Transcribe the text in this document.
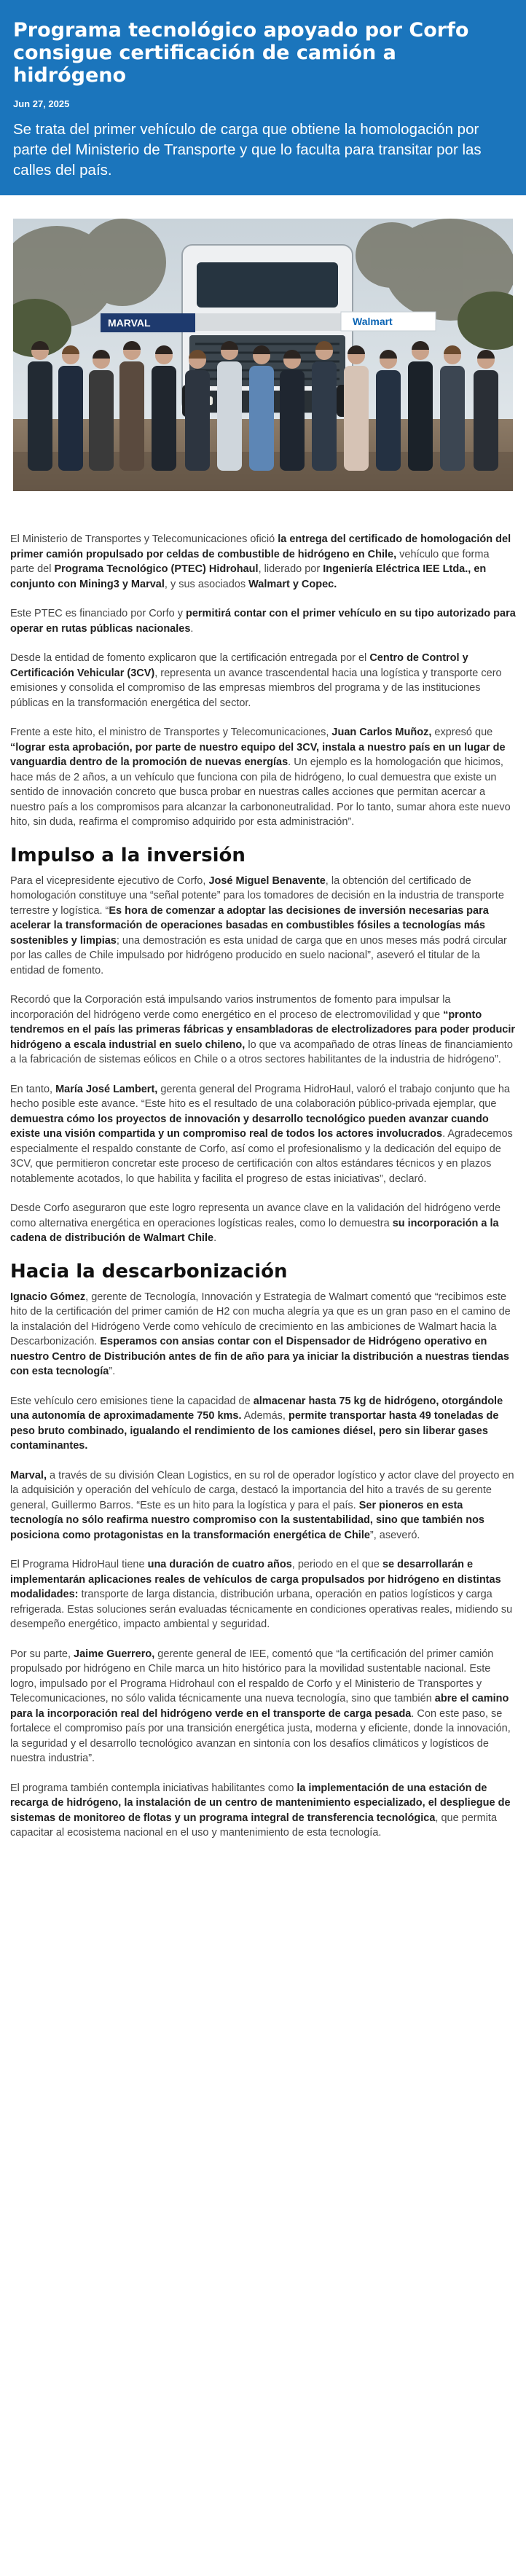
Programa tecnológico apoyado por Corfo consigue certificación de camión a hidrógeno
Jun 27, 2025

Se trata del primer vehículo de carga que obtiene la homologación por parte del Ministerio de Transporte y que lo faculta para transitar por las calles del país.

MARVAL	Walmart

El Ministerio de Transportes y Telecomunicaciones ofició la entrega del certificado de homologación del primer camión propulsado por celdas de combustible de hidrógeno en Chile, vehículo que forma parte del Programa Tecnológico (PTEC) Hidrohaul, liderado por Ingeniería Eléctrica IEE Ltda., en conjunto con Mining3 y Marval, y sus asociados Walmart y Copec.

Este PTEC es financiado por Corfo y permitirá contar con el primer vehículo en su tipo autorizado para operar en rutas públicas nacionales.

Desde la entidad de fomento explicaron que la certificación entregada por el Centro de Control y Certificación Vehicular (3CV), representa un avance trascendental hacia una logística y transporte cero emisiones y consolida el compromiso de las empresas miembros del programa y de las instituciones públicas en la transformación energética del sector.

Frente a este hito, el ministro de Transportes y Telecomunicaciones, Juan Carlos Muñoz, expresó que “lograr esta aprobación, por parte de nuestro equipo del 3CV, instala a nuestro país en un lugar de vanguardia dentro de la promoción de nuevas energías. Un ejemplo es la homologación que hicimos, hace más de 2 años, a un vehículo que funciona con pila de hidrógeno, lo cual demuestra que existe un sentido de innovación concreto que busca probar en nuestras calles acciones que permitan acercar a nuestro país a los compromisos para alcanzar la carbononeutralidad. Por lo tanto, sumar ahora este nuevo hito, sin duda, reafirma el compromiso adquirido por esta administración”.

Impulso a la inversión

Para el vicepresidente ejecutivo de Corfo, José Miguel Benavente, la obtención del certificado de homologación constituye una “señal potente” para los tomadores de decisión en la industria de transporte terrestre y logística. “Es hora de comenzar a adoptar las decisiones de inversión necesarias para acelerar la transformación de operaciones basadas en combustibles fósiles a tecnologías más sostenibles y limpias; una demostración es esta unidad de carga que en unos meses más podrá circular por las calles de Chile impulsado por hidrógeno producido en suelo nacional”, aseveró el titular de la entidad de fomento.

Recordó que la Corporación está impulsando varios instrumentos de fomento para impulsar la incorporación del hidrógeno verde como energético en el proceso de electromovilidad y que “pronto tendremos en el país las primeras fábricas y ensambladoras de electrolizadores para poder producir hidrógeno a escala industrial en suelo chileno, lo que va acompañado de otras líneas de financiamiento a la fabricación de sistemas eólicos en Chile o a otros sectores habilitantes de la industria de hidrógeno”.

En tanto, María José Lambert, gerenta general del Programa HidroHaul, valoró el trabajo conjunto que ha hecho posible este avance. “Este hito es el resultado de una colaboración público-privada ejemplar, que demuestra cómo los proyectos de innovación y desarrollo tecnológico pueden avanzar cuando existe una visión compartida y un compromiso real de todos los actores involucrados. Agradecemos especialmente el respaldo constante de Corfo, así como el profesionalismo y la dedicación del equipo de 3CV, que permitieron concretar este proceso de certificación con altos estándares técnicos y en plazos notablemente acotados, lo que habilita y facilita el progreso de estas iniciativas”, declaró.

Desde Corfo aseguraron que este logro representa un avance clave en la validación del hidrógeno verde como alternativa energética en operaciones logísticas reales, como lo demuestra su incorporación a la cadena de distribución de Walmart Chile.

Hacia la descarbonización

Ignacio Gómez, gerente de Tecnología, Innovación y Estrategia de Walmart comentó que “recibimos este hito de la certificación del primer camión de H2 con mucha alegría ya que es un gran paso en el camino de la instalación del Hidrógeno Verde como vehículo de crecimiento en las ambiciones de Walmart hacia la Descarbonización. Esperamos con ansias contar con el Dispensador de Hidrógeno operativo en nuestro Centro de Distribución antes de fin de año para ya iniciar la distribución a nuestras tiendas con esta tecnología”.

Este vehículo cero emisiones tiene la capacidad de almacenar hasta 75 kg de hidrógeno, otorgándole una autonomía de aproximadamente 750 kms. Además, permite transportar hasta 49 toneladas de peso bruto combinado, igualando el rendimiento de los camiones diésel, pero sin liberar gases contaminantes.

Marval, a través de su división Clean Logistics, en su rol de operador logístico y actor clave del proyecto en la adquisición y operación del vehículo de carga, destacó la importancia del hito a través de su gerente general, Guillermo Barros. “Este es un hito para la logística y para el país. Ser pioneros en esta tecnología no sólo reafirma nuestro compromiso con la sustentabilidad, sino que también nos posiciona como protagonistas en la transformación energética de Chile”, aseveró.

El Programa HidroHaul tiene una duración de cuatro años, periodo en el que se desarrollarán e implementarán aplicaciones reales de vehículos de carga propulsados por hidrógeno en distintas modalidades: transporte de larga distancia, distribución urbana, operación en patios logísticos y carga refrigerada. Estas soluciones serán evaluadas técnicamente en condiciones operativas reales, midiendo su desempeño energético, impacto ambiental y seguridad.

Por su parte, Jaime Guerrero, gerente general de IEE, comentó que “la certificación del primer camión propulsado por hidrógeno en Chile marca un hito histórico para la movilidad sustentable nacional. Este logro, impulsado por el Programa Hidrohaul con el respaldo de Corfo y el Ministerio de Transportes y Telecomunicaciones, no sólo valida técnicamente una nueva tecnología, sino que también abre el camino para la incorporación real del hidrógeno verde en el transporte de carga pesada. Con este paso, se fortalece el compromiso país por una transición energética justa, moderna y eficiente, donde la innovación, la seguridad y el desarrollo tecnológico avanzan en sintonía con los desafíos climáticos y logísticos de nuestra industria”.

El programa también contempla iniciativas habilitantes como la implementación de una estación de recarga de hidrógeno, la instalación de un centro de mantenimiento especializado, el despliegue de sistemas de monitoreo de flotas y un programa integral de transferencia tecnológica, que permita capacitar al ecosistema nacional en el uso y mantenimiento de esta tecnología.
